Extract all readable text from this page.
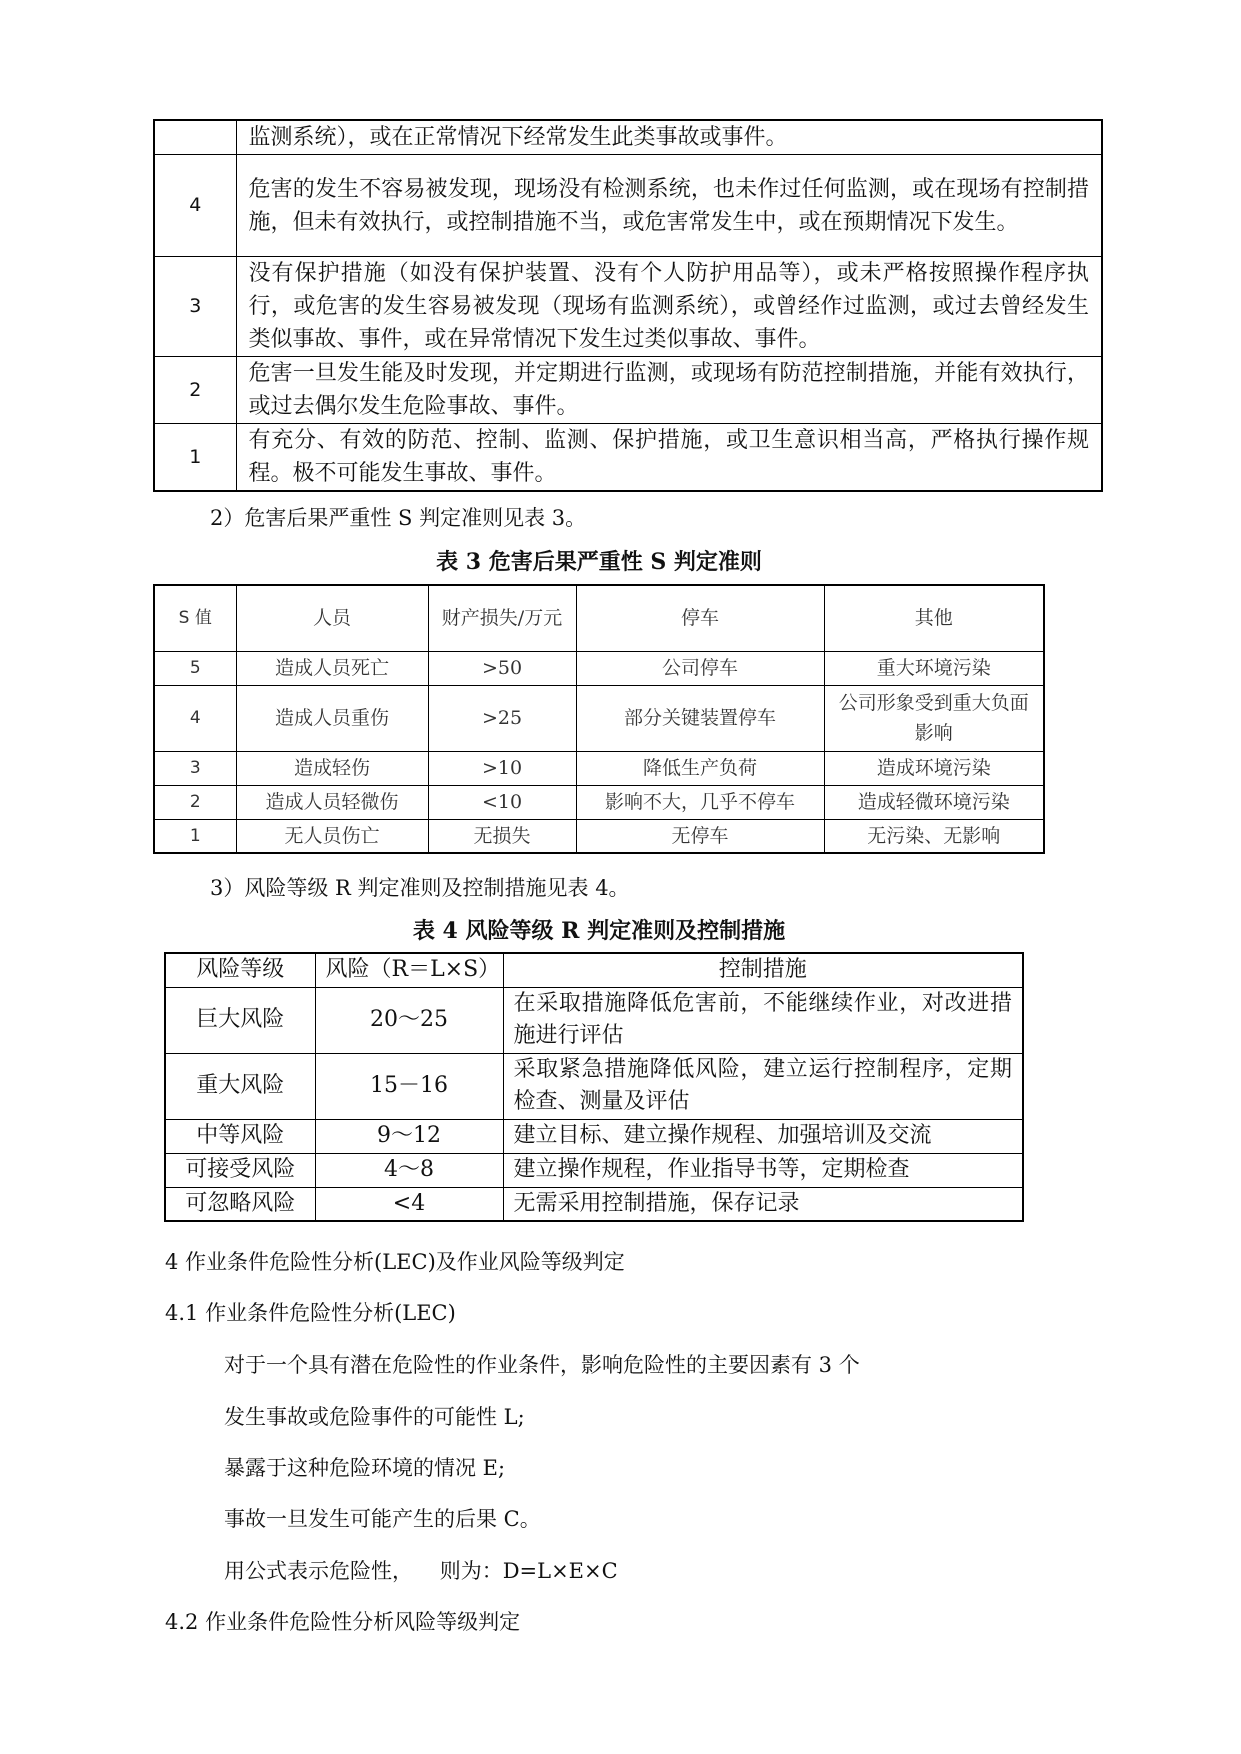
	监测系统），或在正常情况下经常发生此类事故或事件。
4	危害的发生不容易被发现，现场没有检测系统，也未作过任何监测，或在现场有控制措施，但未有效执行，或控制措施不当，或危害常发生中，或在预期情况下发生。
3	没有保护措施（如没有保护装置、没有个人防护用品等），或未严格按照操作程序执行，或危害的发生容易被发现（现场有监测系统），或曾经作过监测，或过去曾经发生类似事故、事件，或在异常情况下发生过类似事故、事件。
2	危害一旦发生能及时发现，并定期进行监测，或现场有防范控制措施，并能有效执行，或过去偶尔发生危险事故、事件。
1	有充分、有效的防范、控制、监测、保护措施，或卫生意识相当高，严格执行操作规程。极不可能发生事故、事件。
2）危害后果严重性 S 判定准则见表 3。
表 3 危害后果严重性 S 判定准则
S 值	人员	财产损失/万元	停车	其他
5	造成人员死亡	>50	公司停车	重大环境污染
4	造成人员重伤	>25	部分关键装置停车	公司形象受到重大负面影响
3	造成轻伤	>10	降低生产负荷	造成环境污染
2	造成人员轻微伤	<10	影响不大，几乎不停车	造成轻微环境污染
1	无人员伤亡	无损失	无停车	无污染、无影响
3）风险等级 R 判定准则及控制措施见表 4。
表 4 风险等级 R 判定准则及控制措施
风险等级	风险（R＝L×S）	控制措施
巨大风险	20～25	在采取措施降低危害前，不能继续作业，对改进措施进行评估
重大风险	15－16	采取紧急措施降低风险，建立运行控制程序，定期检查、测量及评估
中等风险	9～12	建立目标、建立操作规程、加强培训及交流
可接受风险	4～8	建立操作规程，作业指导书等，定期检查
可忽略风险	<4	无需采用控制措施，保存记录
4 作业条件危险性分析(LEC)及作业风险等级判定
4.1 作业条件危险性分析(LEC)
对于一个具有潜在危险性的作业条件，影响危险性的主要因素有 3 个
发生事故或危险事件的可能性 L;
暴露于这种危险环境的情况 E;
事故一旦发生可能产生的后果 C。
用公式表示危险性，    则为：D=L×E×C
4.2 作业条件危险性分析风险等级判定
